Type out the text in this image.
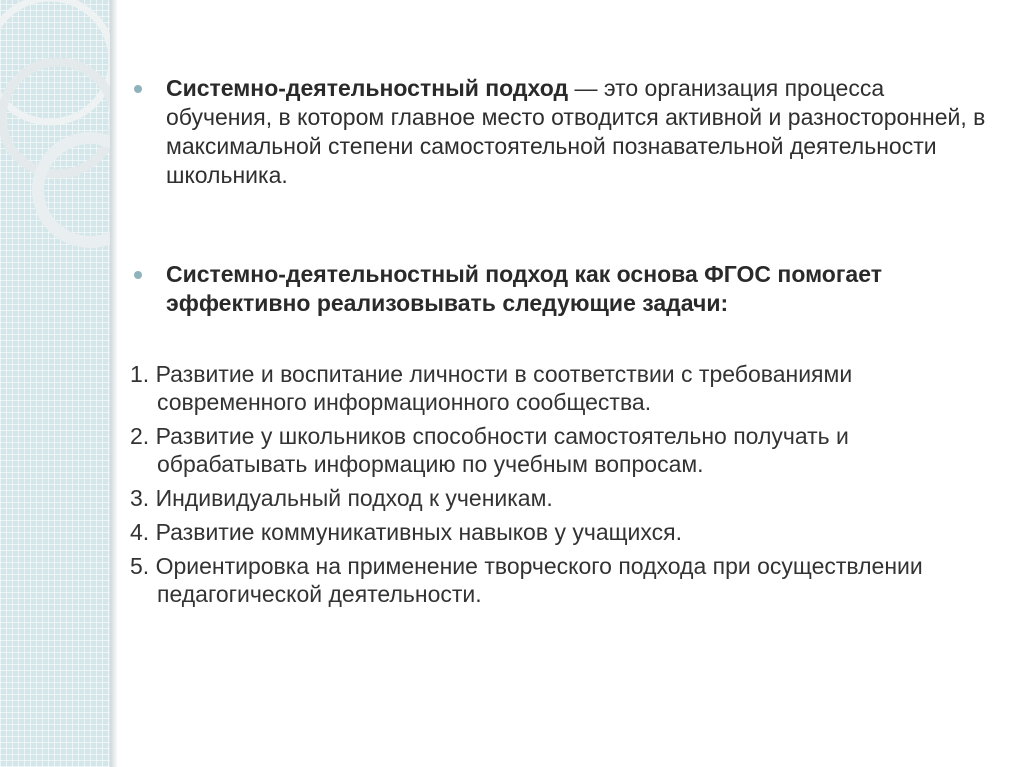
Системно-деятельностный подход — это организация процесса обучения, в котором главное место отводится активной и разносторонней, в максимальной степени самостоятельной познавательной деятельности школьника.
Системно-деятельностный подход как основа ФГОС помогает эффективно реализовывать следующие задачи:
1. Развитие и воспитание личности в соответствии с требованиями современного информационного сообщества.
2. Развитие у школьников способности самостоятельно получать и обрабатывать информацию по учебным вопросам.
3. Индивидуальный подход к ученикам.
4. Развитие коммуникативных навыков у учащихся.
5. Ориентировка на применение творческого подхода при осуществлении педагогической деятельности.
